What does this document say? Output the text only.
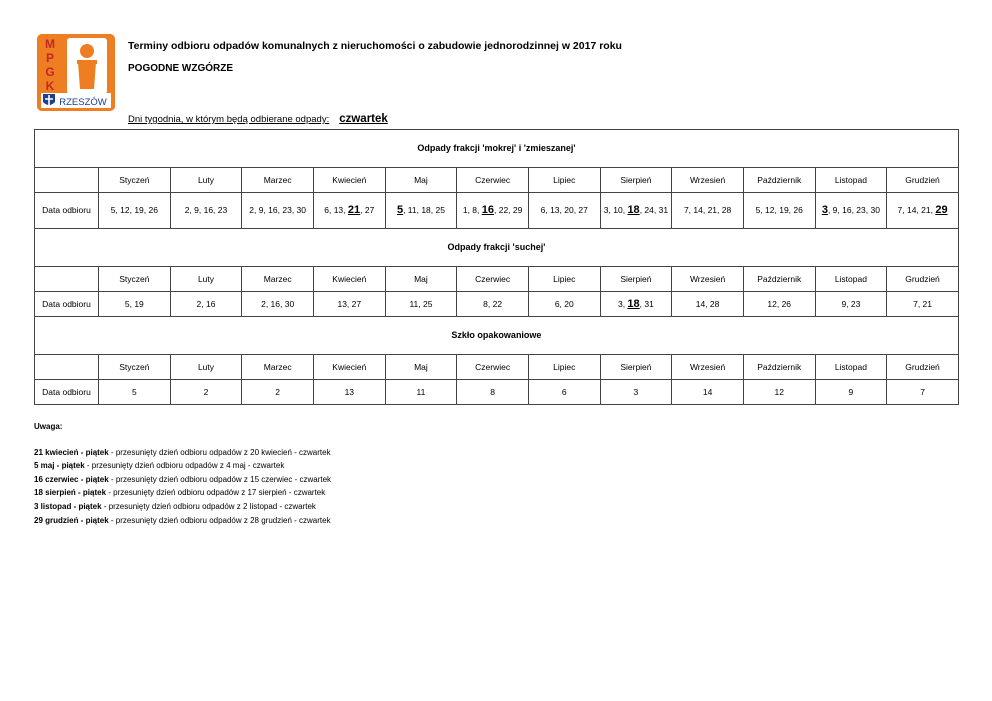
M
P
G
K
RZESZÓW
Terminy odbioru odpadów komunalnych z nieruchomości o zabudowie jednorodzinnej w 2017 roku
POGODNE WZGÓRZE
Dni tygodnia, w którym będą odbierane odpady: czwartek
Odpady frakcji 'mokrej' i 'zmieszanej'												
	Styczeń	Luty	Marzec	Kwiecień	Maj	Czerwiec	Lipiec	Sierpień	Wrzesień	Październik	Listopad	Grudzień
Data odbioru	5, 12, 19, 26	2, 9, 16, 23	2, 9, 16, 23, 30	6, 13, 21, 27	5, 11, 18, 25	1, 8, 16, 22, 29	6, 13, 20, 27	3, 10, 18, 24, 31	7, 14, 21, 28	5, 12, 19, 26	3, 9, 16, 23, 30	7, 14, 21, 29
Odpady frakcji 'suchej'												
	Styczeń	Luty	Marzec	Kwiecień	Maj	Czerwiec	Lipiec	Sierpień	Wrzesień	Październik	Listopad	Grudzień
Data odbioru	5, 19	2, 16	2, 16, 30	13, 27	11, 25	8, 22	6, 20	3, 18, 31	14, 28	12, 26	9, 23	7, 21
Szkło opakowaniowe												
	Styczeń	Luty	Marzec	Kwiecień	Maj	Czerwiec	Lipiec	Sierpień	Wrzesień	Październik	Listopad	Grudzień
Data odbioru	5	2	2	13	11	8	6	3	14	12	9	7
Uwaga:
21 kwiecień - piątek - przesunięty dzień odbioru odpadów z 20 kwiecień - czwartek
5 maj - piątek - przesunięty dzień odbioru odpadów z 4 maj - czwartek
16 czerwiec - piątek - przesunięty dzień odbioru odpadów z 15 czerwiec - czwartek
18 sierpień - piątek - przesunięty dzień odbioru odpadów z 17 sierpień - czwartek
3 listopad - piątek - przesunięty dzień odbioru odpadów z 2 listopad - czwartek
29 grudzień - piątek - przesunięty dzień odbioru odpadów z 28 grudzień - czwartek
